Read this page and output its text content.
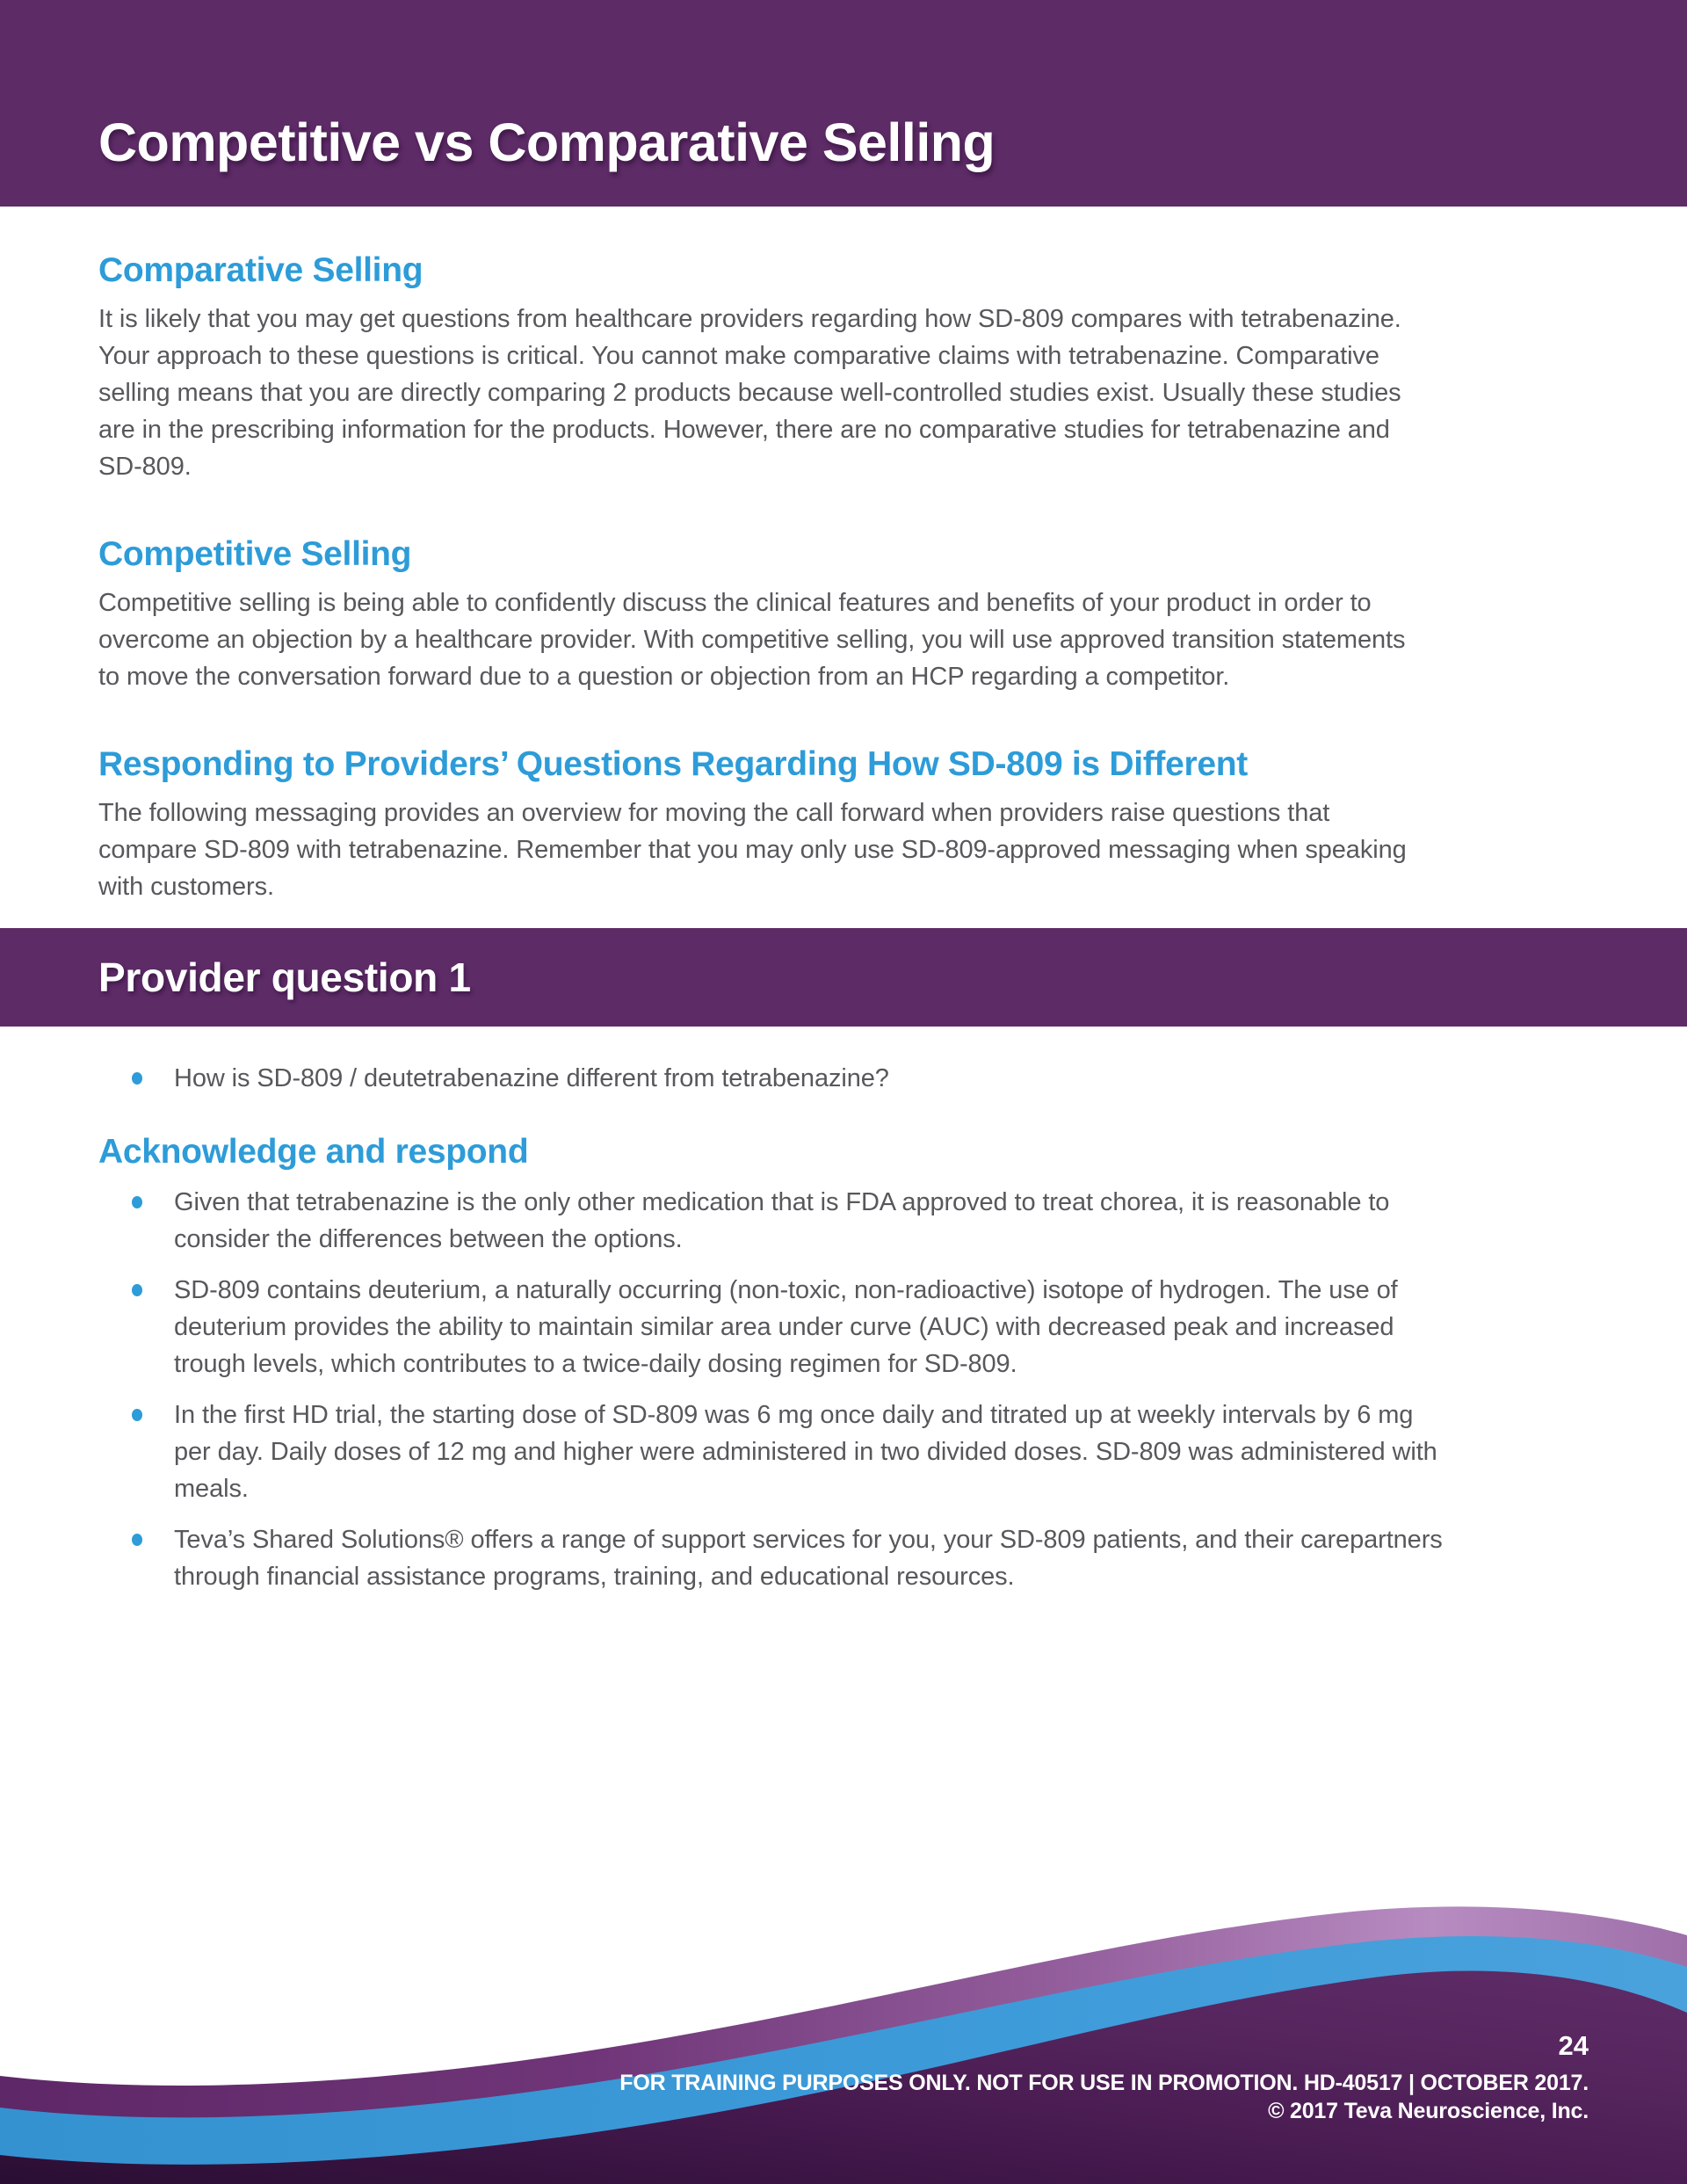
Competitive vs Comparative Selling
Comparative Selling
It is likely that you may get questions from healthcare providers regarding how SD-809 compares with tetrabenazine.
Your approach to these questions is critical. You cannot make comparative claims with tetrabenazine. Comparative
selling means that you are directly comparing 2 products because well-controlled studies exist. Usually these studies
are in the prescribing information for the products. However, there are no comparative studies for tetrabenazine and
SD-809.
Competitive Selling
Competitive selling is being able to confidently discuss the clinical features and benefits of your product in order to
overcome an objection by a healthcare provider. With competitive selling, you will use approved transition statements
to move the conversation forward due to a question or objection from an HCP regarding a competitor.
Responding to Providers’ Questions Regarding How SD-809 is Different
The following messaging provides an overview for moving the call forward when providers raise questions that
compare SD-809 with tetrabenazine. Remember that you may only use SD-809-approved messaging when speaking
with customers.
Provider question 1
How is SD-809 / deutetrabenazine different from tetrabenazine?
Acknowledge and respond
Given that tetrabenazine is the only other medication that is FDA approved to treat chorea, it is reasonable to
consider the differences between the options.
SD-809 contains deuterium, a naturally occurring (non-toxic, non-radioactive) isotope of hydrogen. The use of
deuterium provides the ability to maintain similar area under curve (AUC) with decreased peak and increased
trough levels, which contributes to a twice-daily dosing regimen for SD-809.
In the first HD trial, the starting dose of SD-809 was 6 mg once daily and titrated up at weekly intervals by 6 mg
per day. Daily doses of 12 mg and higher were administered in two divided doses. SD-809 was administered with
meals.
Teva’s Shared Solutions® offers a range of support services for you, your SD-809 patients, and their carepartners
through financial assistance programs, training, and educational resources.
24
FOR TRAINING PURPOSES ONLY. NOT FOR USE IN PROMOTION. HD-40517 | OCTOBER 2017.
© 2017 Teva Neuroscience, Inc.
